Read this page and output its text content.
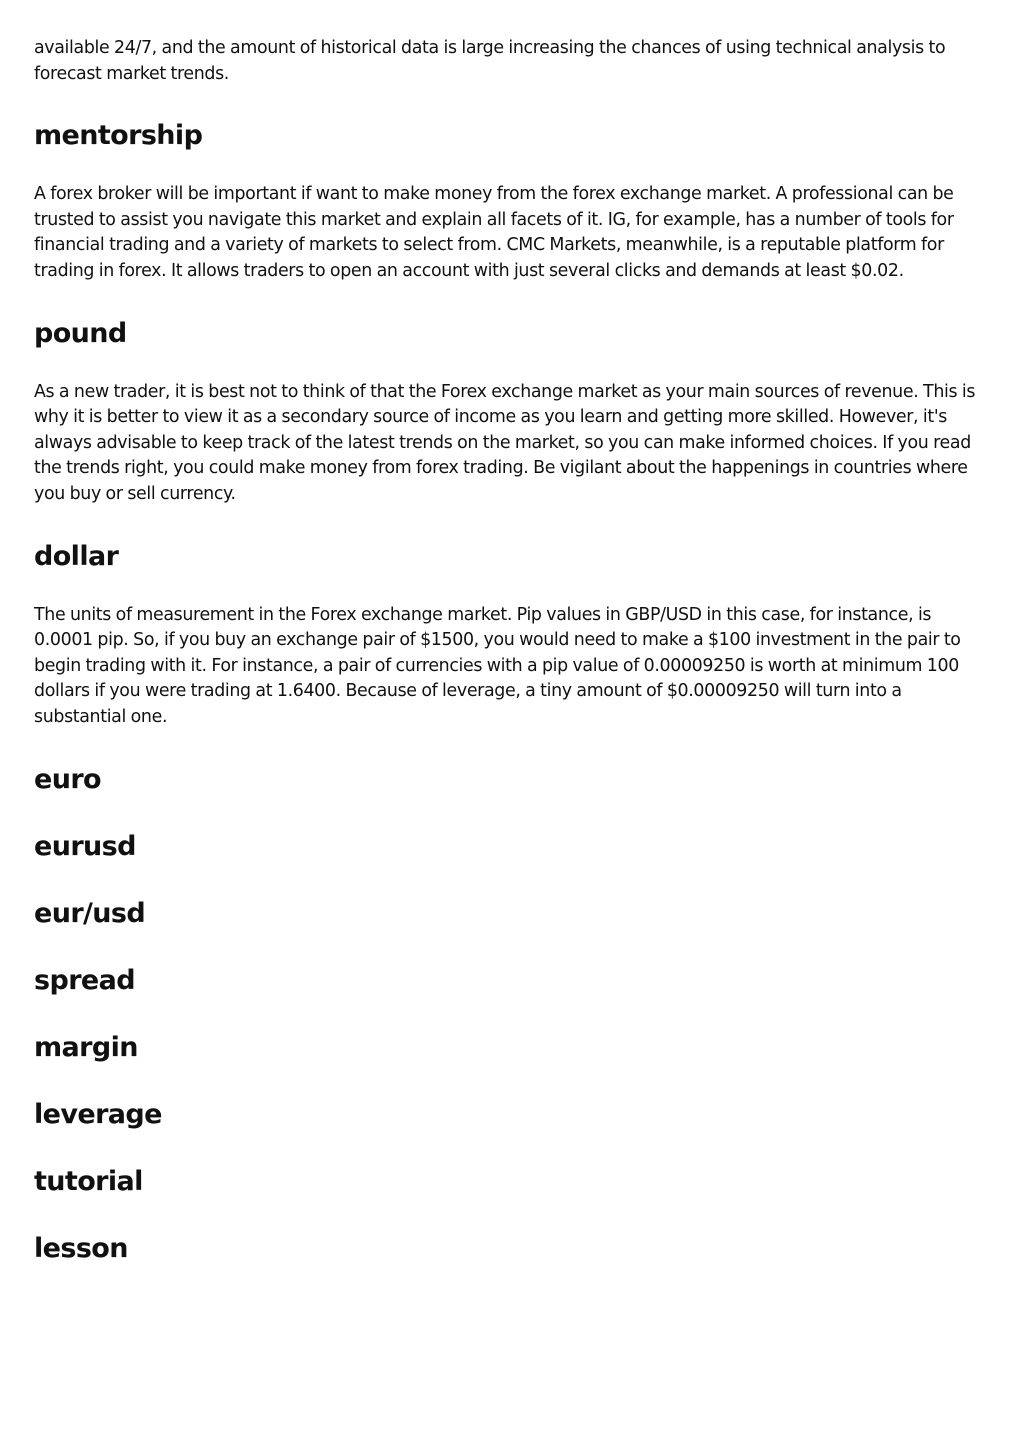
available 24/7, and the amount of historical data is large increasing the chances of using technical analysis to forecast market trends.

mentorship

A forex broker will be important if want to make money from the forex exchange market. A professional can be trusted to assist you navigate this market and explain all facets of it. IG, for example, has a number of tools for financial trading and a variety of markets to select from. CMC Markets, meanwhile, is a reputable platform for trading in forex. It allows traders to open an account with just several clicks and demands at least $0.02.

pound

As a new trader, it is best not to think of that the Forex exchange market as your main sources of revenue. This is why it is better to view it as a secondary source of income as you learn and getting more skilled. However, it's always advisable to keep track of the latest trends on the market, so you can make informed choices. If you read the trends right, you could make money from forex trading. Be vigilant about the happenings in countries where you buy or sell currency.

dollar

The units of measurement in the Forex exchange market. Pip values in GBP/USD in this case, for instance, is 0.0001 pip. So, if you buy an exchange pair of $1500, you would need to make a $100 investment in the pair to begin trading with it. For instance, a pair of currencies with a pip value of 0.00009250 is worth at minimum 100 dollars if you were trading at 1.6400. Because of leverage, a tiny amount of $0.00009250 will turn into a substantial one.

euro
eurusd
eur/usd
spread
margin
leverage
tutorial
lesson
